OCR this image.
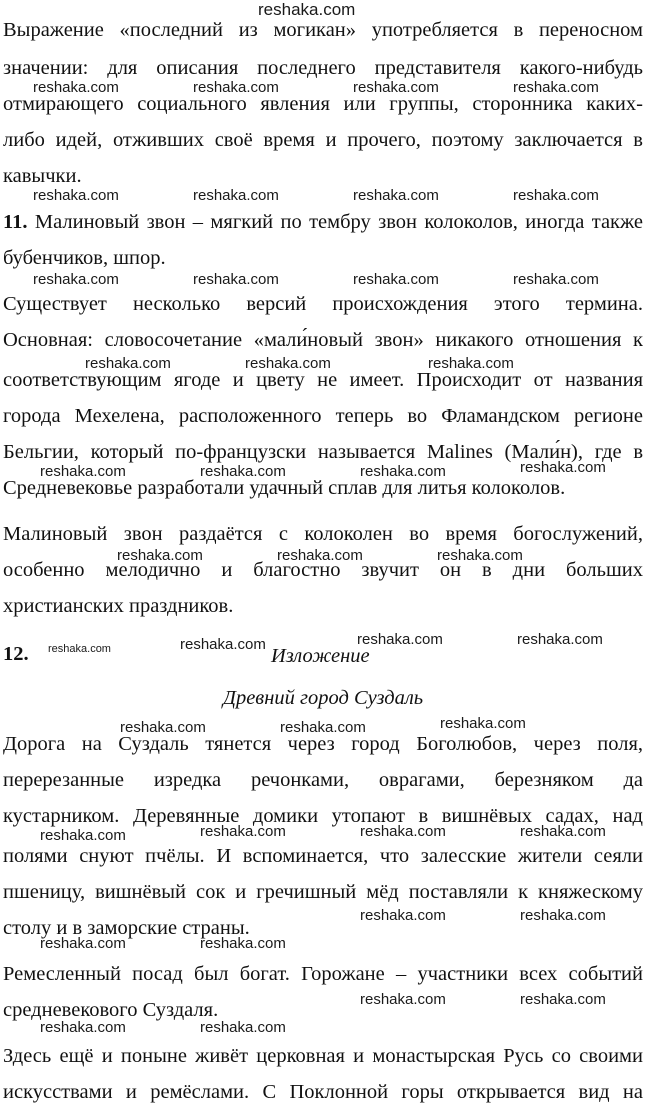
reshaka.com
reshaka.com	reshaka.com	reshaka.com	reshaka.com
reshaka.com	reshaka.com	reshaka.com	reshaka.com
reshaka.com	reshaka.com	reshaka.com	reshaka.com
reshaka.com	reshaka.com	reshaka.com
reshaka.com	reshaka.com	reshaka.com	reshaka.com
reshaka.com	reshaka.com	reshaka.com
reshaka.com	reshaka.com	reshaka.com	reshaka.com
reshaka.com	reshaka.com	reshaka.com
reshaka.com	reshaka.com	reshaka.com	reshaka.com
reshaka.com	reshaka.com
reshaka.com	reshaka.com
reshaka.com	reshaka.com
reshaka.com	reshaka.com
Выражение «последний из могикан» употребляется в переносном
значении: для описания последнего представителя какого-нибудь
отмирающего социального явления или группы, сторонника каких-
либо идей, отживших своё время и прочего, поэтому заключается в
кавычки.
11. Малиновый звон – мягкий по тембру звон колоколов, иногда также
бубенчиков, шпор.
Существует несколько версий происхождения этого термина.
Основная: словосочетание «мали́новый звон» никакого отношения к
соответствующим ягоде и цвету не имеет. Происходит от названия
города Мехелена, расположенного теперь во Фламандском регионе
Бельгии, который по-французски называется Malines (Мали́н), где в
Средневековье разработали удачный сплав для литья колоколов.
Малиновый звон раздаётся с колоколен во время богослужений,
особенно мелодично и благостно звучит он в дни больших
христианских праздников.
12.	Изложение
Древний город Суздаль
Дорога на Суздаль тянется через город Боголюбов, через поля,
перерезанные изредка речонками, оврагами, березняком да
кустарником. Деревянные домики утопают в вишнёвых садах, над
полями снуют пчёлы. И вспоминается, что залесские жители сеяли
пшеницу, вишнёвый сок и гречишный мёд поставляли к княжескому
столу и в заморские страны.
Ремесленный посад был богат. Горожане – участники всех событий
средневекового Суздаля.
Здесь ещё и поныне живёт церковная и монастырская Русь со своими
искусствами и ремёслами. С Поклонной горы открывается вид на
